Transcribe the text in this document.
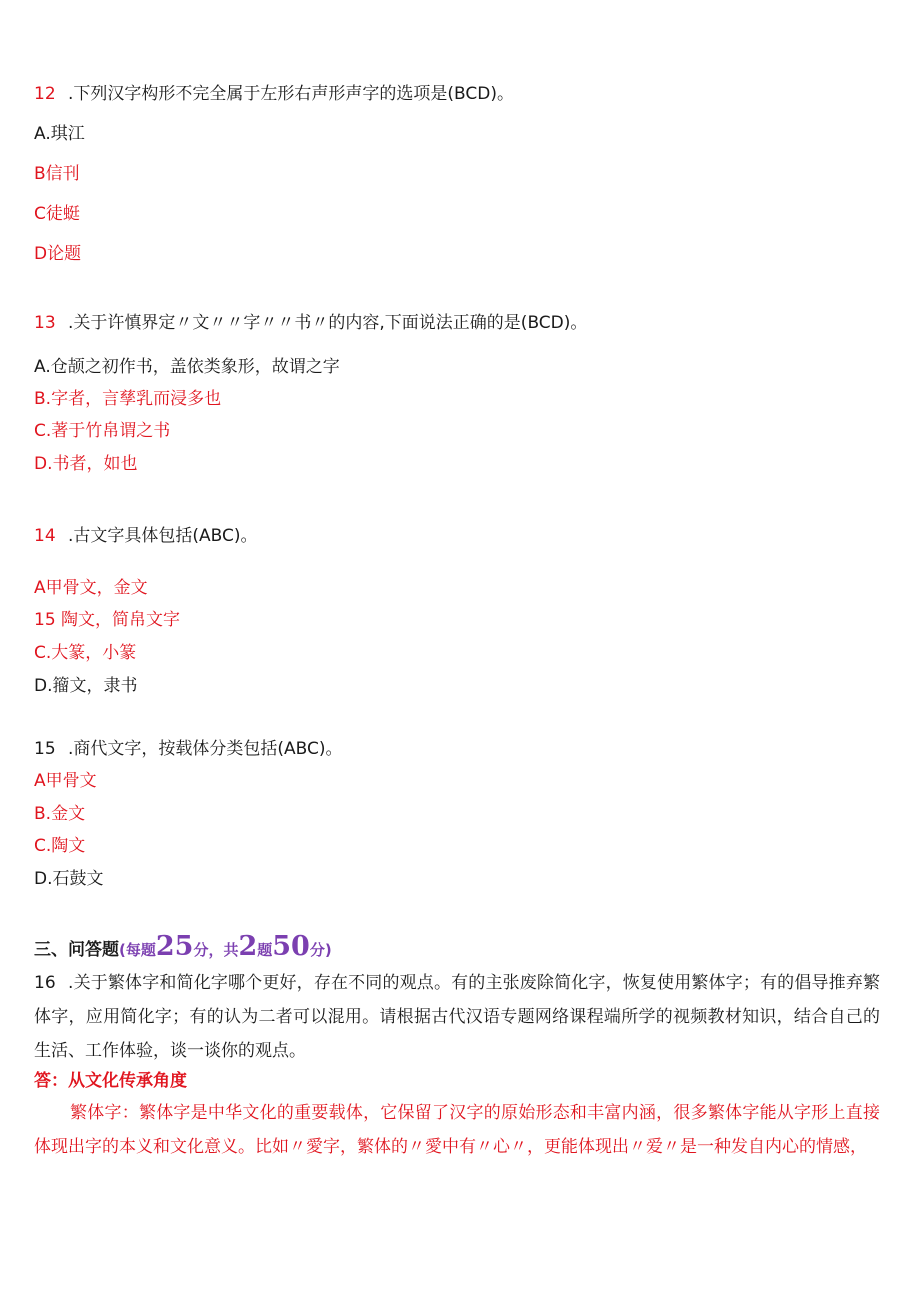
12 .下列汉字构形不完全属于左形右声形声字的选项是(BCD)。
A.琪江
B信刊
C徒蜓
D论题
13 .关于许慎界定〃文〃〃字〃〃书〃的内容,下面说法正确的是(BCD)。
A.仓颉之初作书，盖依类象形，故谓之字
B.字者，言孳乳而浸多也
C.著于竹帛谓之书
D.书者，如也
14 .古文字具体包括(ABC)。
A甲骨文，金文
15 陶文，简帛文字
C.大篆，小篆
D.籀文，隶书
15 .商代文字，按载体分类包括(ABC)。
A甲骨文
B.金文
C.陶文
D.石鼓文
三、问答题(每题25分，共2题50分)
16 .关于繁体字和简化字哪个更好，存在不同的观点。有的主张废除简化字，恢复使用繁体字；有的倡导推弃繁体字，应用简化字；有的认为二者可以混用。请根据古代汉语专题网络课程端所学的视频教材知识，结合自己的生活、工作体验，谈一谈你的观点。
答：从文化传承角度
繁体字：繁体字是中华文化的重要载体，它保留了汉字的原始形态和丰富内涵，很多繁体字能从字形上直接体现出字的本义和文化意义。比如〃愛字，繁体的〃愛中有〃心〃，更能体现出〃爱〃是一种发自内心的情感，
